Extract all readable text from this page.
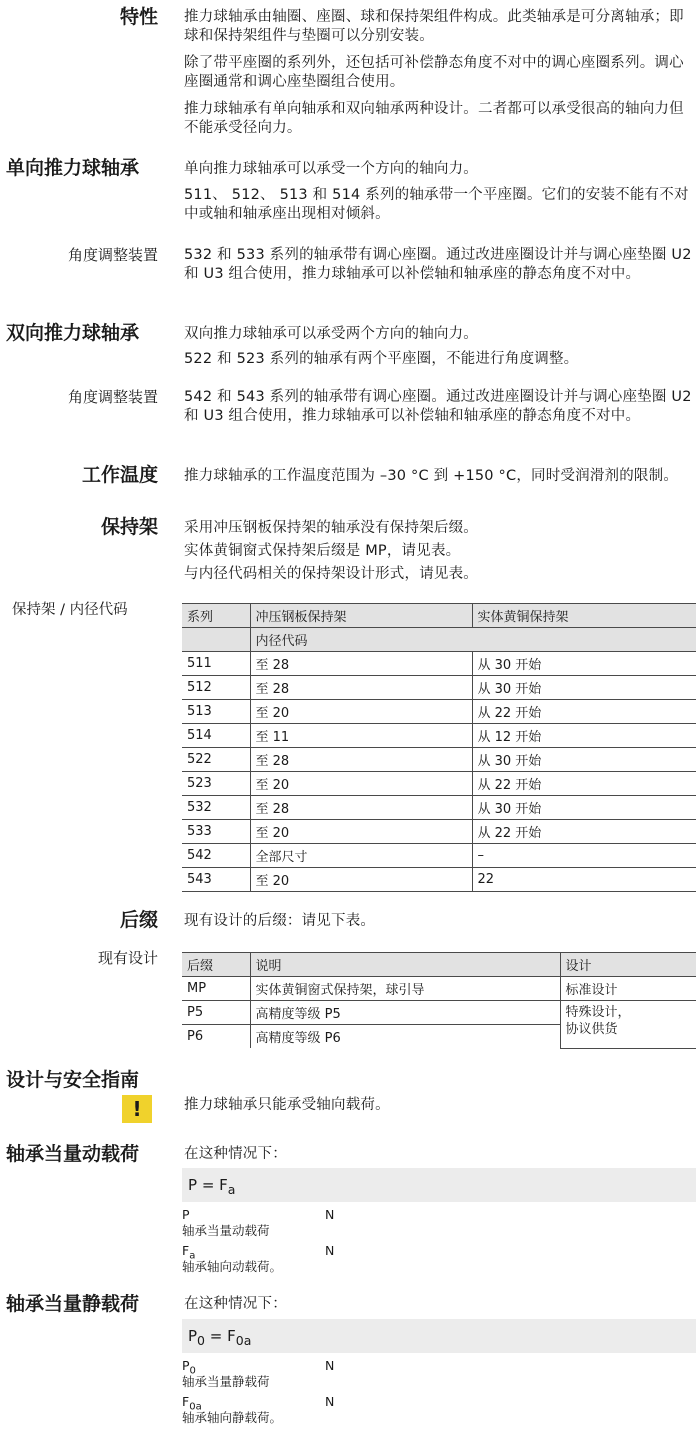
特性 推力球轴承由轴圈、座圈、球和保持架组件构成。此类轴承是可分离轴承；即球和保持架组件与垫圈可以分别安装。
除了带平座圈的系列外，还包括可补偿静态角度不对中的调心座圈系列。调心座圈通常和调心座垫圈组合使用。
推力球轴承有单向轴承和双向轴承两种设计。二者都可以承受很高的轴向力但不能承受径向力。
单向推力球轴承	单向推力球轴承可以承受一个方向的轴向力。
511、 512、 513 和 514 系列的轴承带一个平座圈。它们的安装不能有不对中或轴和轴承座出现相对倾斜。
角度调整装置 532 和 533 系列的轴承带有调心座圈。通过改进座圈设计并与调心座垫圈 U2 和 U3 组合使用，推力球轴承可以补偿轴和轴承座的静态角度不对中。
双向推力球轴承	双向推力球轴承可以承受两个方向的轴向力。
522 和 523 系列的轴承有两个平座圈，不能进行角度调整。
角度调整装置 542 和 543 系列的轴承带有调心座圈。通过改进座圈设计并与调心座垫圈 U2 和 U3 组合使用，推力球轴承可以补偿轴和轴承座的静态角度不对中。
工作温度 推力球轴承的工作温度范围为 –30 °C 到 +150 °C，同时受润滑剂的限制。
保持架 采用冲压钢板保持架的轴承没有保持架后缀。
实体黄铜窗式保持架后缀是 MP，请见表。
与内径代码相关的保持架设计形式，请见表。
保持架 / 内径代码	系列	冲压钢板保持架	实体黄铜保持架
	内径代码	
511	至 28	从 30 开始
512	至 28	从 30 开始
513	至 20	从 22 开始
514	至 11	从 12 开始
522	至 28	从 30 开始
523	至 20	从 22 开始
532	至 28	从 30 开始
533	至 20	从 22 开始
542	全部尺寸	–
543	至 20	22
后缀 现有设计的后缀：请见下表。
现有设计 后缀	说明	设计
MP	实体黄铜窗式保持架，球引导	标准设计
P5	高精度等级 P5	特殊设计，
协议供货

P6	高精度等级 P6	
设计与安全指南
!	推力球轴承只能承受轴向载荷。
轴承当量动载荷	在这种情况下：
$P = F_a$
P	N
轴承当量动载荷
$F_a$	N
轴承轴向动载荷。
轴承当量静载荷	在这种情况下：
$P_0 = F_{0a}$
$P_0$	N
轴承当量静载荷
$F_{0a}$	N
轴承轴向静载荷。
